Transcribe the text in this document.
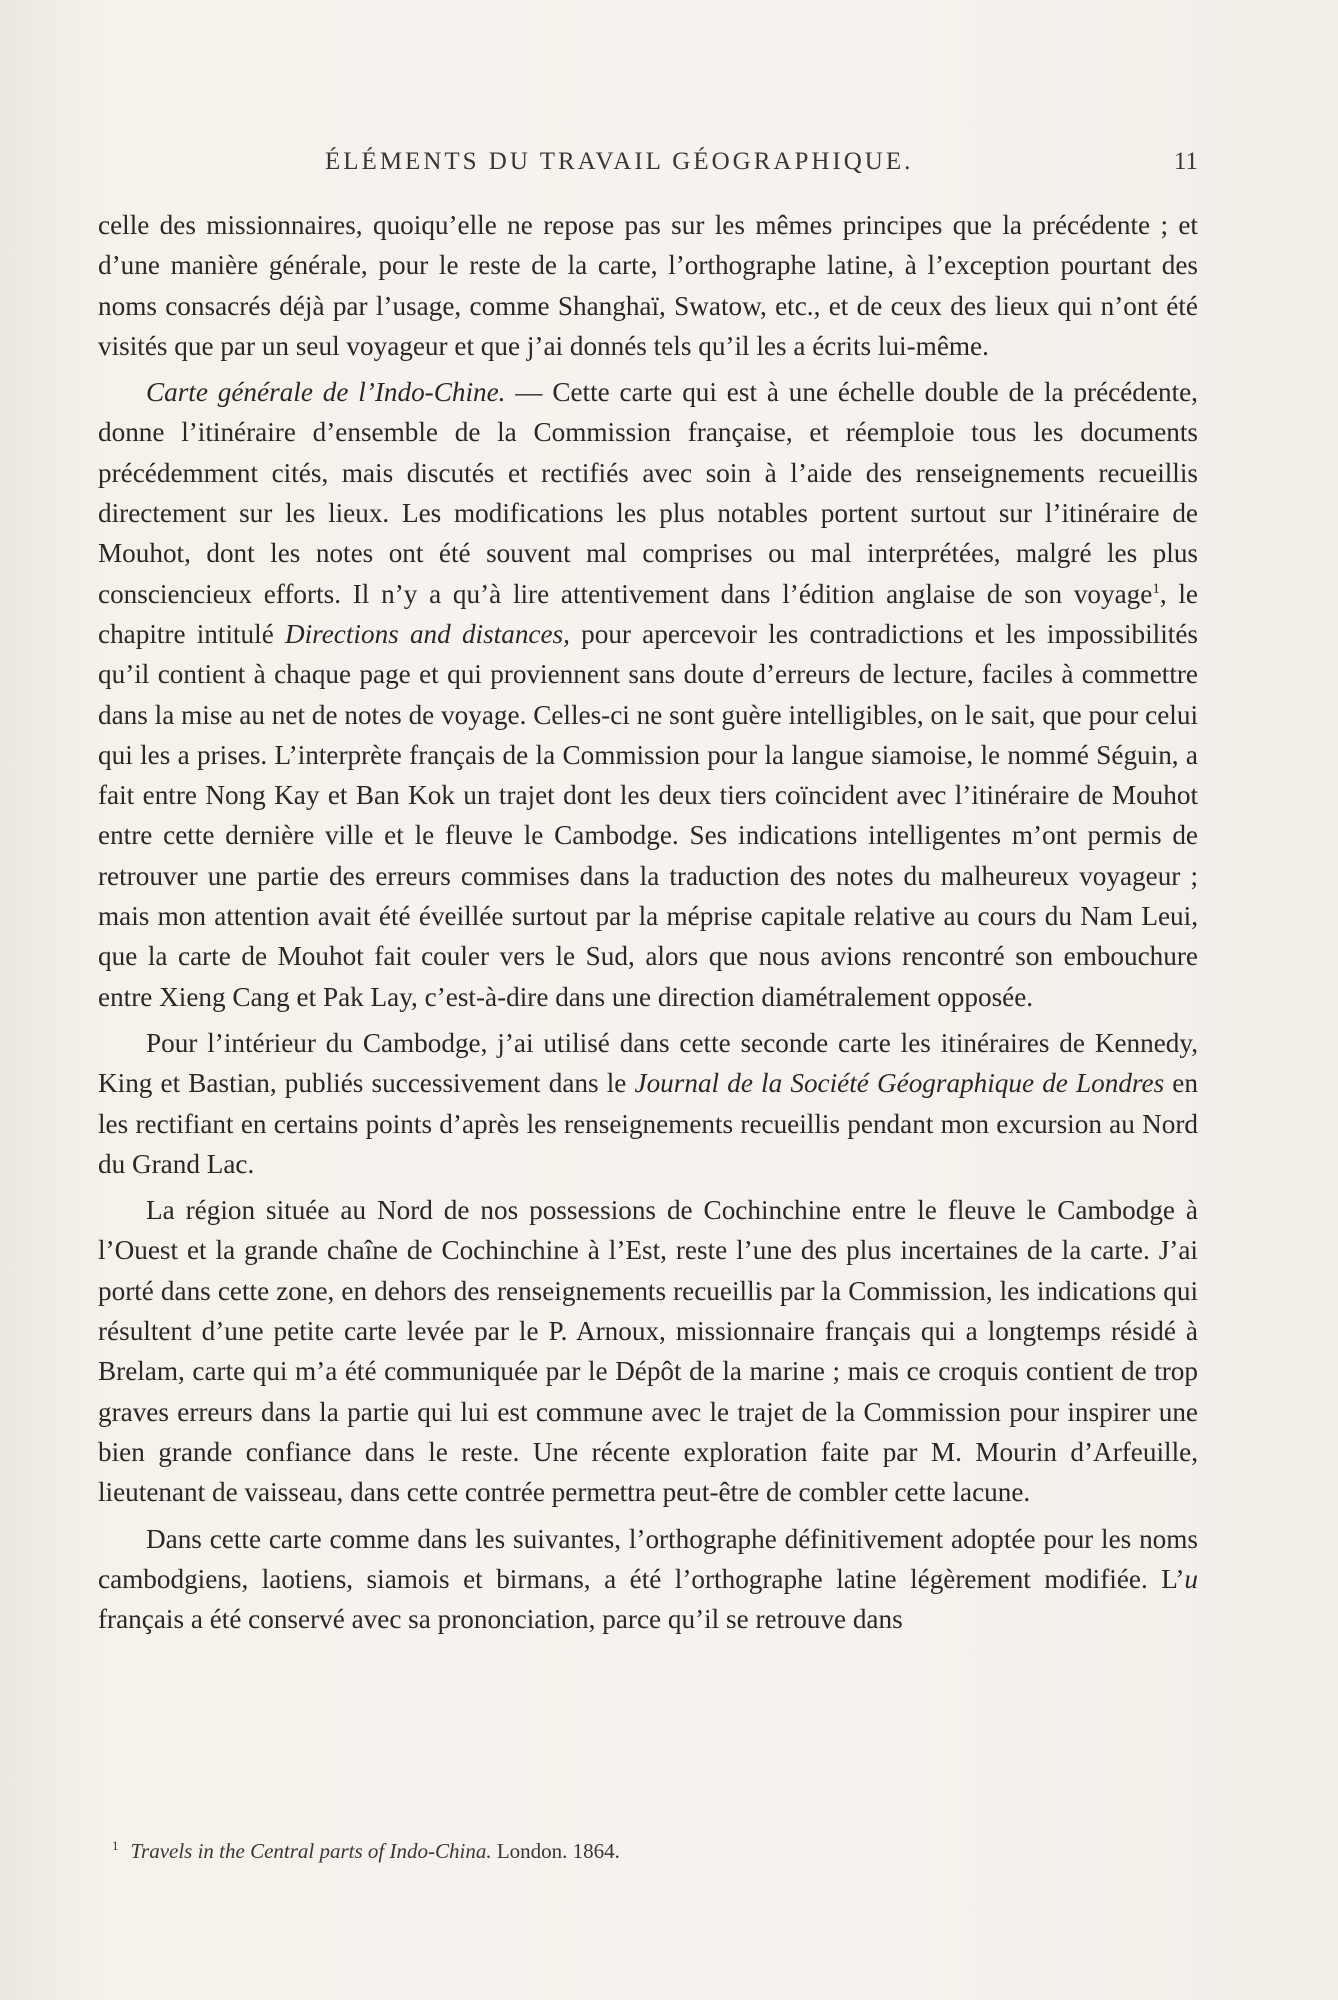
ÉLÉMENTS DU TRAVAIL GÉOGRAPHIQUE.	11

celle des missionnaires, quoiqu’elle ne repose pas sur les mêmes principes que la précédente ; et d’une manière générale, pour le reste de la carte, l’orthographe latine, à l’exception pourtant des noms consacrés déjà par l’usage, comme Shanghaï, Swatow, etc., et de ceux des lieux qui n’ont été visités que par un seul voyageur et que j’ai donnés tels qu’il les a écrits lui-même.

Carte générale de l’Indo-Chine. — Cette carte qui est à une échelle double de la précédente, donne l’itinéraire d’ensemble de la Commission française, et réemploie tous les documents précédemment cités, mais discutés et rectifiés avec soin à l’aide des renseignements recueillis directement sur les lieux. Les modifications les plus notables portent surtout sur l’itinéraire de Mouhot, dont les notes ont été souvent mal comprises ou mal interprétées, malgré les plus consciencieux efforts. Il n’y a qu’à lire attentivement dans l’édition anglaise de son voyage$^1$, le chapitre intitulé Directions and distances, pour apercevoir les contradictions et les impossibilités qu’il contient à chaque page et qui proviennent sans doute d’erreurs de lecture, faciles à commettre dans la mise au net de notes de voyage. Celles-ci ne sont guère intelligibles, on le sait, que pour celui qui les a prises. L’interprète français de la Commission pour la langue siamoise, le nommé Séguin, a fait entre Nong Kay et Ban Kok un trajet dont les deux tiers coïncident avec l’itinéraire de Mouhot entre cette dernière ville et le fleuve le Cambodge. Ses indications intelligentes m’ont permis de retrouver une partie des erreurs commises dans la traduction des notes du malheureux voyageur ; mais mon attention avait été éveillée surtout par la méprise capitale relative au cours du Nam Leui, que la carte de Mouhot fait couler vers le Sud, alors que nous avions rencontré son embouchure entre Xieng Cang et Pak Lay, c’est-à-dire dans une direction diamétralement opposée.

Pour l’intérieur du Cambodge, j’ai utilisé dans cette seconde carte les itinéraires de Kennedy, King et Bastian, publiés successivement dans le Journal de la Société Géographique de Londres en les rectifiant en certains points d’après les renseignements recueillis pendant mon excursion au Nord du Grand Lac.

La région située au Nord de nos possessions de Cochinchine entre le fleuve le Cambodge à l’Ouest et la grande chaîne de Cochinchine à l’Est, reste l’une des plus incertaines de la carte. J’ai porté dans cette zone, en dehors des renseignements recueillis par la Commission, les indications qui résultent d’une petite carte levée par le P. Arnoux, missionnaire français qui a longtemps résidé à Brelam, carte qui m’a été communiquée par le Dépôt de la marine ; mais ce croquis contient de trop graves erreurs dans la partie qui lui est commune avec le trajet de la Commission pour inspirer une bien grande confiance dans le reste. Une récente exploration faite par M. Mourin d’Arfeuille, lieutenant de vaisseau, dans cette contrée permettra peut-être de combler cette lacune.

Dans cette carte comme dans les suivantes, l’orthographe définitivement adoptée pour les noms cambodgiens, laotiens, siamois et birmans, a été l’orthographe latine légèrement modifiée. L’u français a été conservé avec sa prononciation, parce qu’il se retrouve dans

$^1$ Travels in the Central parts of Indo-China. London. 1864.
